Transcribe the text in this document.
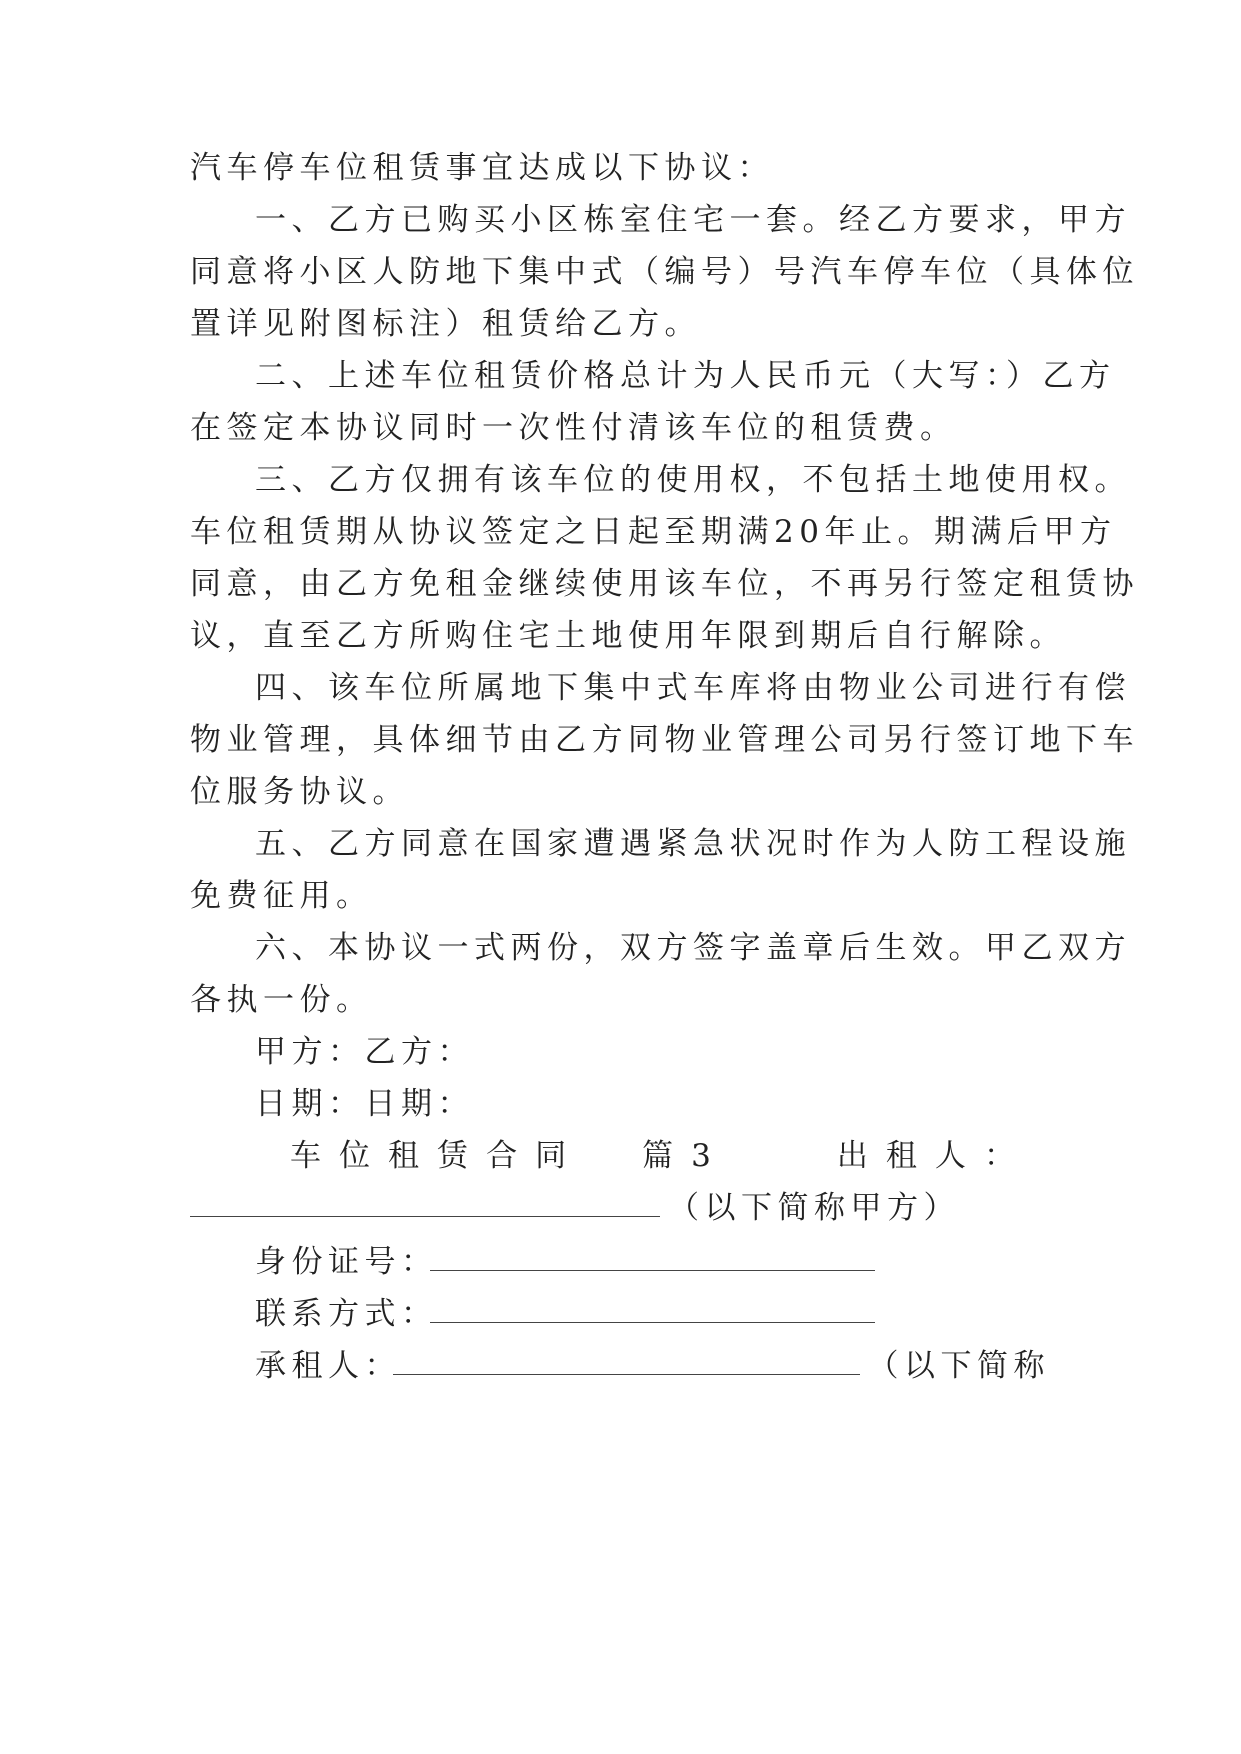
汽车停车位租赁事宜达成以下协议：
一、乙方已购买小区栋室住宅一套。经乙方要求，甲方
同意将小区人防地下集中式（编号）号汽车停车位（具体位
置详见附图标注）租赁给乙方。
二、上述车位租赁价格总计为人民币元（大写：）乙方
在签定本协议同时一次性付清该车位的租赁费。
三、乙方仅拥有该车位的使用权，不包括土地使用权。
车位租赁期从协议签定之日起至期满20年止。期满后甲方
同意，由乙方免租金继续使用该车位，不再另行签定租赁协
议，直至乙方所购住宅土地使用年限到期后自行解除。
四、该车位所属地下集中式车库将由物业公司进行有偿
物业管理，具体细节由乙方同物业管理公司另行签订地下车
位服务协议。
五、乙方同意在国家遭遇紧急状况时作为人防工程设施
免费征用。
六、本协议一式两份，双方签字盖章后生效。甲乙双方
各执一份。
甲方：乙方：
日期：日期：
车 位 租 赁 合 同 篇 3	出 租 人 ：
（以下简称甲方）
身份证号：
联系方式：
承租人：	（以下简称
